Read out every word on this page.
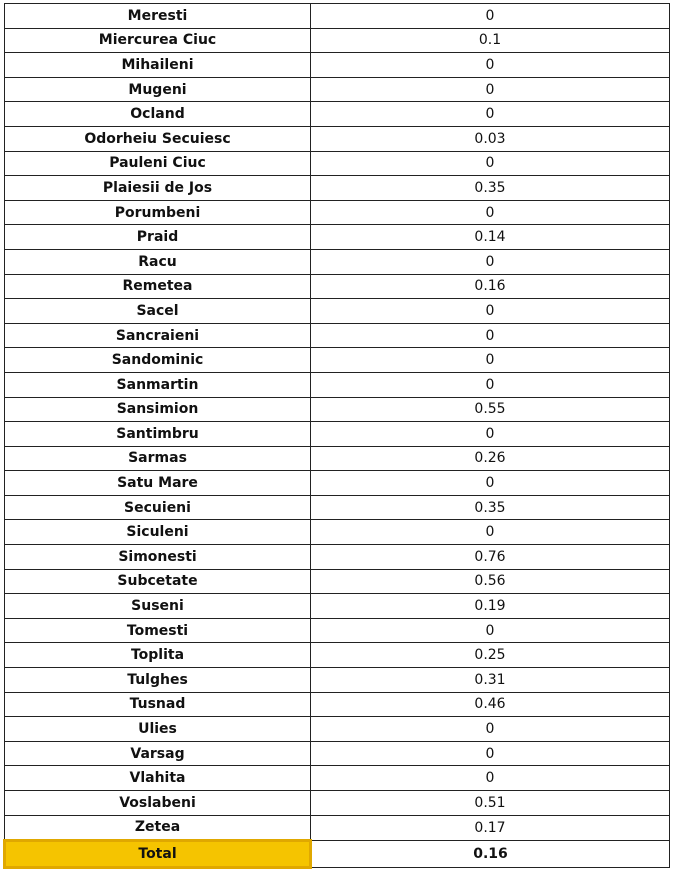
Meresti	0
Miercurea Ciuc	0.1
Mihaileni	0
Mugeni	0
Ocland	0
Odorheiu Secuiesc	0.03
Pauleni Ciuc	0
Plaiesii de Jos	0.35
Porumbeni	0
Praid	0.14
Racu	0
Remetea	0.16
Sacel	0
Sancraieni	0
Sandominic	0
Sanmartin	0
Sansimion	0.55
Santimbru	0
Sarmas	0.26
Satu Mare	0
Secuieni	0.35
Siculeni	0
Simonesti	0.76
Subcetate	0.56
Suseni	0.19
Tomesti	0
Toplita	0.25
Tulghes	0.31
Tusnad	0.46
Ulies	0
Varsag	0
Vlahita	0
Voslabeni	0.51
Zetea	0.17
Total	0.16
